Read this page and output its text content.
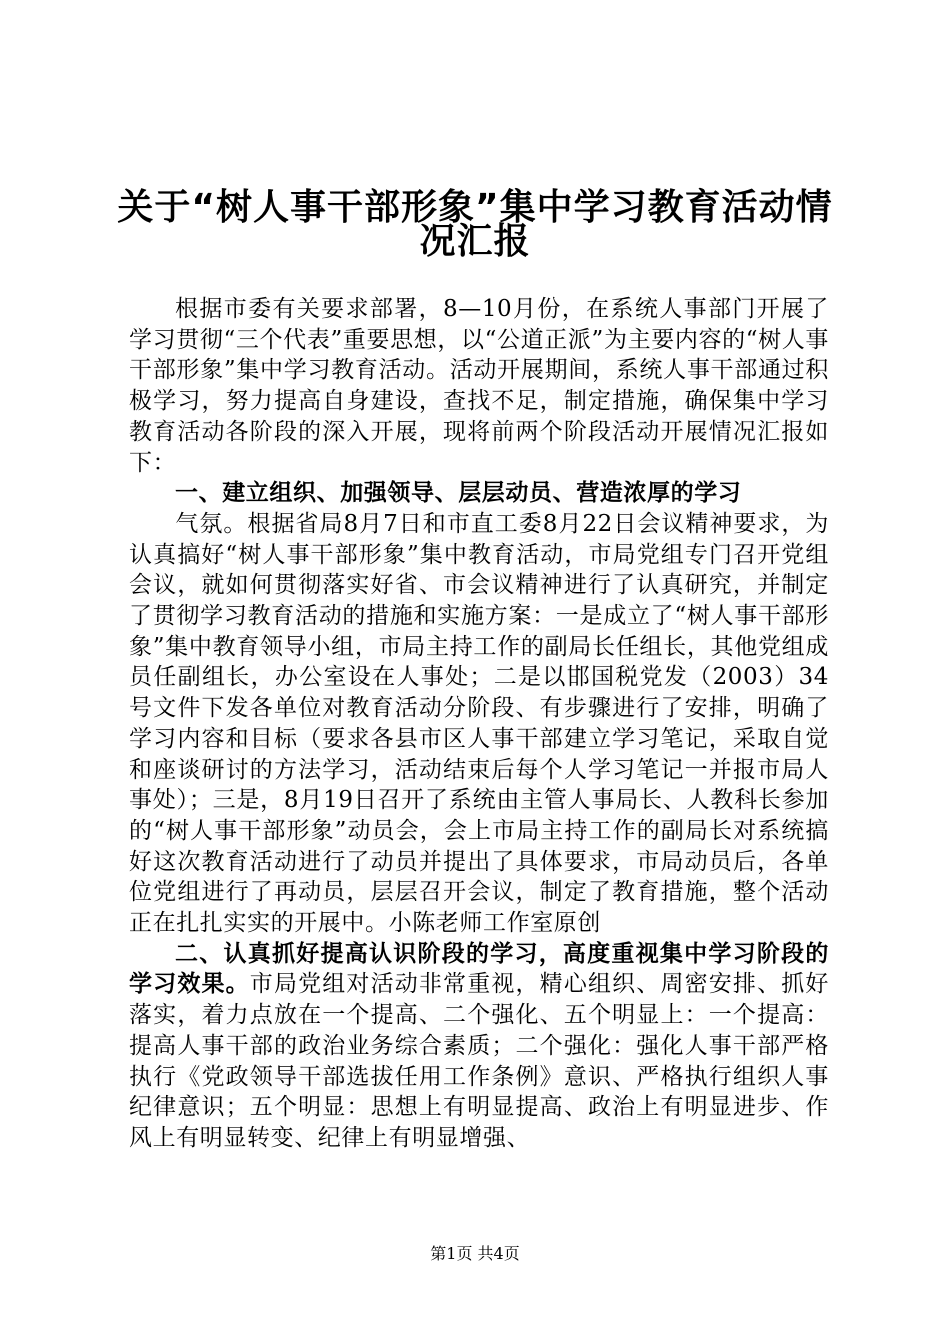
关于“树人事干部形象”集中学习教育活动情
况汇报

根据市委有关要求部署，8—10月份，在系统人事部门开展了学习贯彻“三个代表”重要思想，以“公道正派”为主要内容的“树人事干部形象”集中学习教育活动。活动开展期间，系统人事干部通过积极学习，努力提高自身建设，查找不足，制定措施，确保集中学习教育活动各阶段的深入开展，现将前两个阶段活动开展情况汇报如下：

一、建立组织、加强领导、层层动员、营造浓厚的学习

气氛。根据省局8月7日和市直工委8月22日会议精神要求，为认真搞好“树人事干部形象”集中教育活动，市局党组专门召开党组会议，就如何贯彻落实好省、市会议精神进行了认真研究，并制定了贯彻学习教育活动的措施和实施方案：一是成立了“树人事干部形象”集中教育领导小组，市局主持工作的副局长任组长，其他党组成员任副组长，办公室设在人事处；二是以邯国税党发（2003）34号文件下发各单位对教育活动分阶段、有步骤进行了安排，明确了学习内容和目标（要求各县市区人事干部建立学习笔记，采取自觉和座谈研讨的方法学习，活动结束后每个人学习笔记一并报市局人事处）；三是，8月19日召开了系统由主管人事局长、人教科长参加的“树人事干部形象”动员会，会上市局主持工作的副局长对系统搞好这次教育活动进行了动员并提出了具体要求，市局动员后，各单位党组进行了再动员，层层召开会议，制定了教育措施，整个活动正在扎扎实实的开展中。小陈老师工作室原创

二、认真抓好提高认识阶段的学习，高度重视集中学习阶段的学习效果。市局党组对活动非常重视，精心组织、周密安排、抓好落实，着力点放在一个提高、二个强化、五个明显上：一个提高：提高人事干部的政治业务综合素质；二个强化：强化人事干部严格执行《党政领导干部选拔任用工作条例》意识、严格执行组织人事纪律意识；五个明显：思想上有明显提高、政治上有明显进步、作风上有明显转变、纪律上有明显增强、

第1页 共4页
